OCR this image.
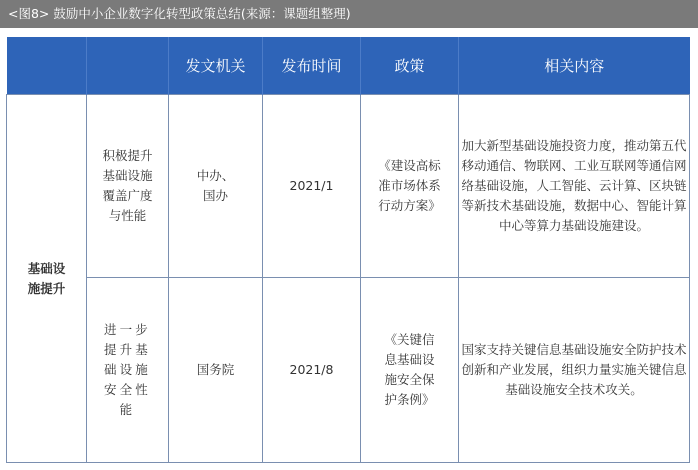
<图8> 鼓励中小企业数字化转型政策总结(来源：课题组整理)
		发文机关	发布时间	政策	相关内容
基础设施提升	积极提升基础设施覆盖广度与性能	中办、国办	2021/1	《建设高标准市场体系行动方案》	加大新型基础设施投资力度，推动第五代移动通信、物联网、工业互联网等通信网络基础设施，人工智能、云计算、区块链等新技术基础设施，数据中心、智能计算中心等算力基础设施建设。

	进一步提升基础设施安全性能	国务院	2021/8	《关键信息基础设施安全保护条例》	国家支持关键信息基础设施安全防护技术创新和产业发展，组织力量实施关键信息基础设施安全技术攻关。
